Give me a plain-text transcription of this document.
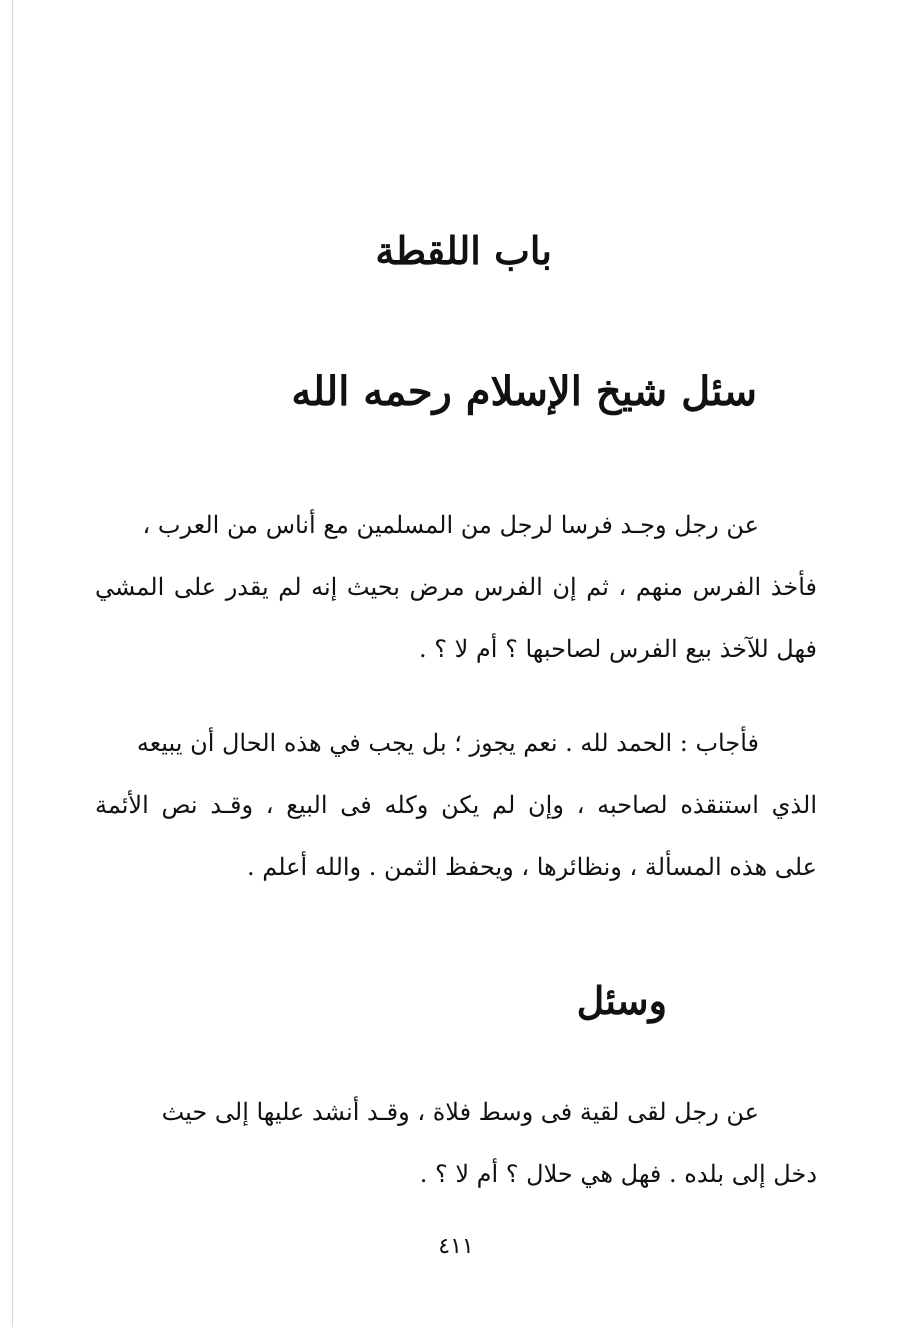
باب اللقطة
سئل شيخ الإسلام رحمه الله
عن رجل وجـد فرسا لرجل من المسلمين مع أناس من العرب ،
فأخذ الفرس منهم ، ثم إن الفرس مرض بحيث إنه لم يقدر على المشي
فهل للآخذ بيع الفرس لصاحبها ؟ أم لا ؟ .
فأجاب : الحمد لله . نعم يجوز ؛ بل يجب في هذه الحال أن يبيعه
الذي استنقذه لصاحبه ، وإن لم يكن وكله فى البيع ، وقـد نص الأئمة
على هذه المسألة ، ونظائرها ، ويحفظ الثمن . والله أعلم .
وسئل
عن رجل لقى لقية فى وسط فلاة ، وقـد أنشد عليها إلى حيث
دخل إلى بلده . فهل هي حلال ؟ أم لا ؟ .

٤١١
